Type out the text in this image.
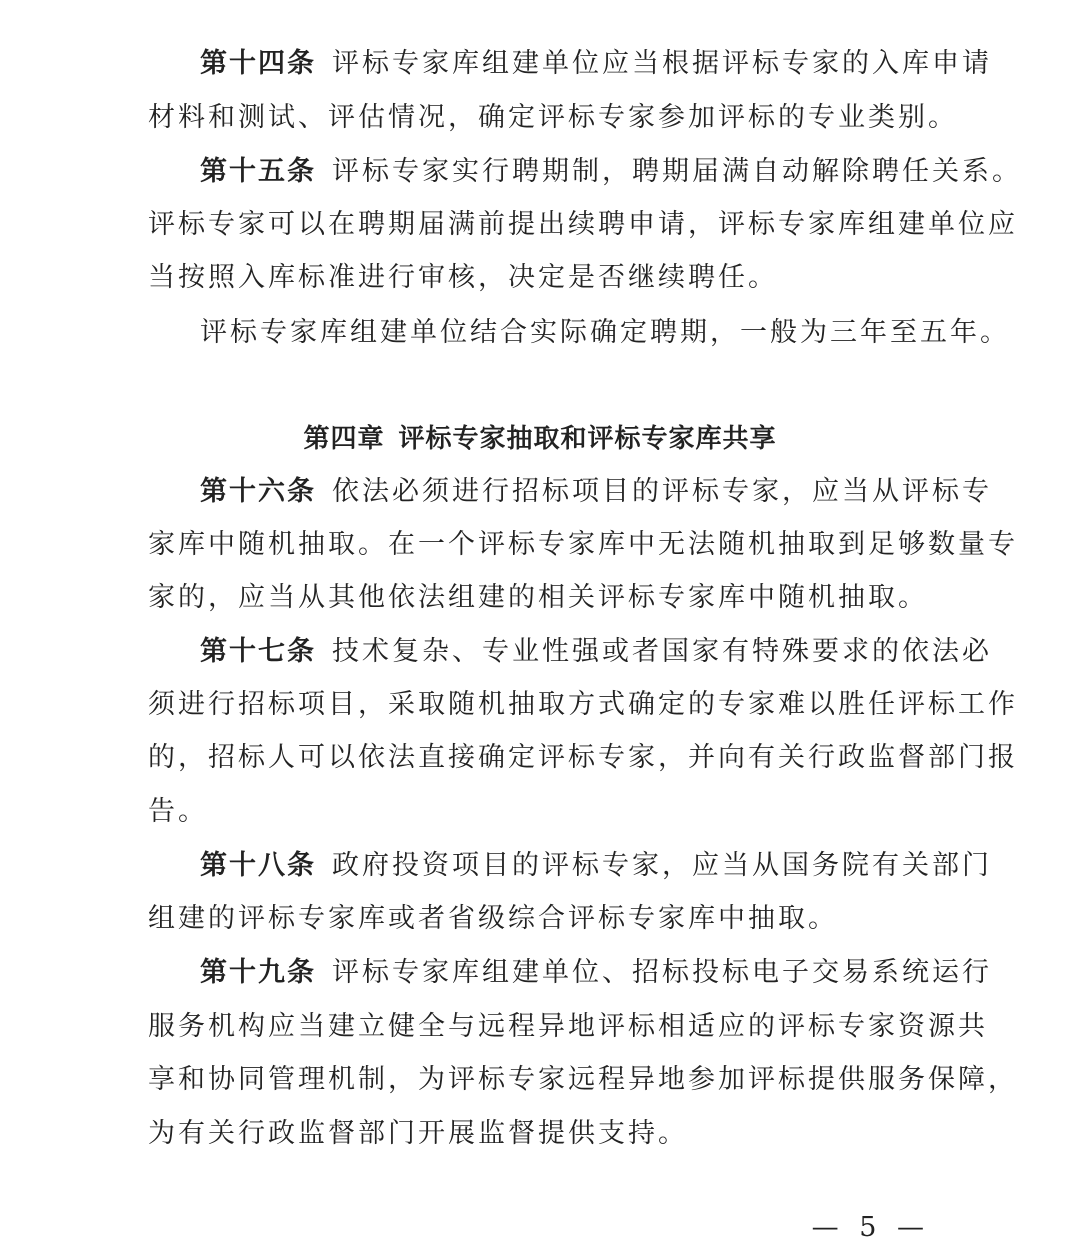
第十四条 评标专家库组建单位应当根据评标专家的入库申请
材料和测试、评估情况，确定评标专家参加评标的专业类别。
第十五条 评标专家实行聘期制，聘期届满自动解除聘任关系。
评标专家可以在聘期届满前提出续聘申请，评标专家库组建单位应
当按照入库标准进行审核，决定是否继续聘任。
评标专家库组建单位结合实际确定聘期，一般为三年至五年。
第四章 评标专家抽取和评标专家库共享
第十六条 依法必须进行招标项目的评标专家，应当从评标专
家库中随机抽取。在一个评标专家库中无法随机抽取到足够数量专
家的，应当从其他依法组建的相关评标专家库中随机抽取。
第十七条 技术复杂、专业性强或者国家有特殊要求的依法必
须进行招标项目，采取随机抽取方式确定的专家难以胜任评标工作
的，招标人可以依法直接确定评标专家，并向有关行政监督部门报
告。
第十八条 政府投资项目的评标专家，应当从国务院有关部门
组建的评标专家库或者省级综合评标专家库中抽取。
第十九条 评标专家库组建单位、招标投标电子交易系统运行
服务机构应当建立健全与远程异地评标相适应的评标专家资源共
享和协同管理机制，为评标专家远程异地参加评标提供服务保障，
为有关行政监督部门开展监督提供支持。
— 5 —
